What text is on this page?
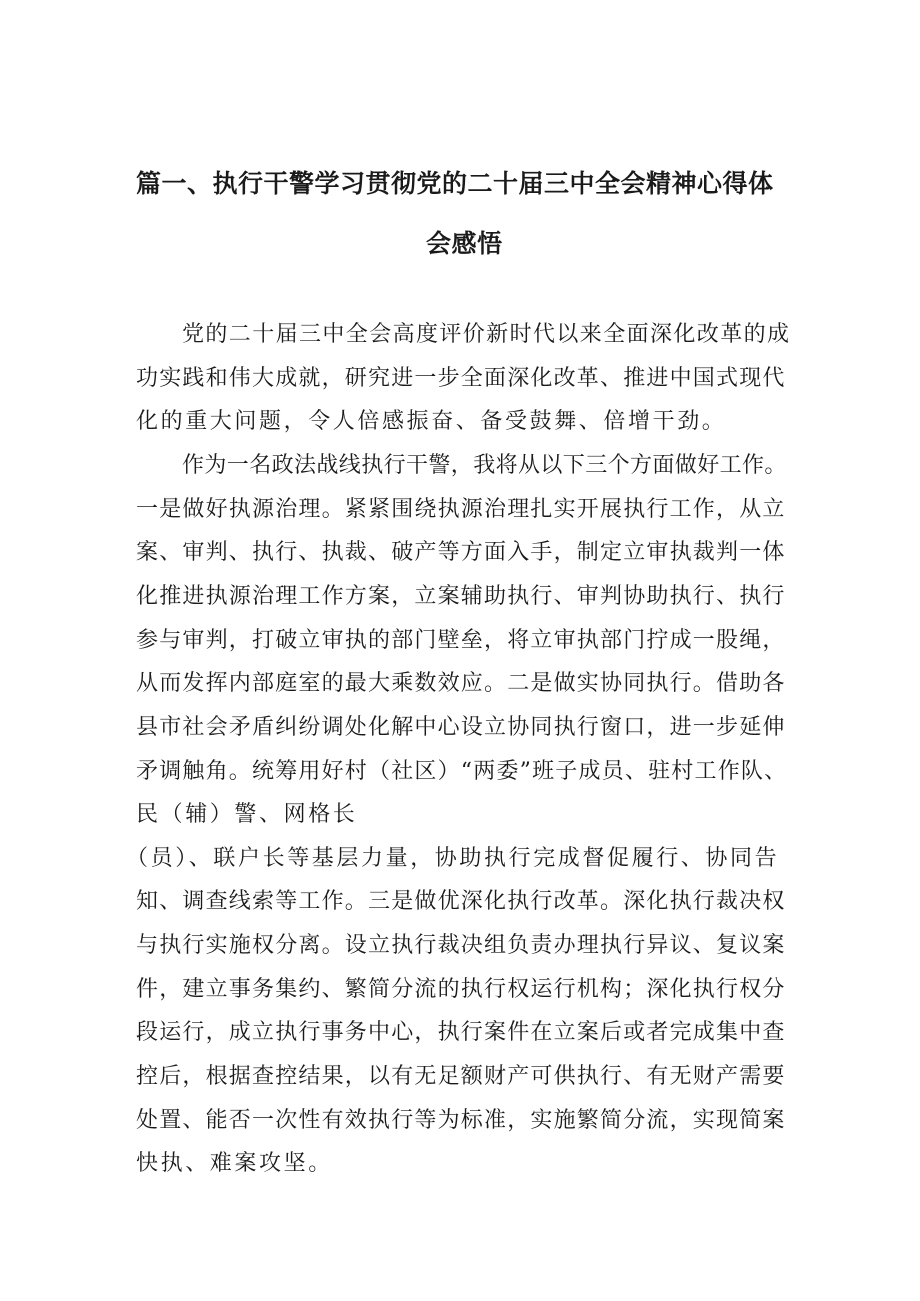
篇一、执行干警学习贯彻党的二十届三中全会精神心得体
会感悟
党的二十届三中全会高度评价新时代以来全面深化改革的成
功实践和伟大成就，研究进一步全面深化改革、推进中国式现代
化的重大问题，令人倍感振奋、备受鼓舞、倍增干劲。
作为一名政法战线执行干警，我将从以下三个方面做好工作。
一是做好执源治理。紧紧围绕执源治理扎实开展执行工作，从立
案、审判、执行、执裁、破产等方面入手，制定立审执裁判一体
化推进执源治理工作方案，立案辅助执行、审判协助执行、执行
参与审判，打破立审执的部门壁垒，将立审执部门拧成一股绳，
从而发挥内部庭室的最大乘数效应。二是做实协同执行。借助各
县市社会矛盾纠纷调处化解中心设立协同执行窗口，进一步延伸
矛调触角。统筹用好村（社区）“两委”班子成员、驻村工作队、
民（辅）警、网格长
（员）、联户长等基层力量，协助执行完成督促履行、协同告
知、调查线索等工作。三是做优深化执行改革。深化执行裁决权
与执行实施权分离。设立执行裁决组负责办理执行异议、复议案
件，建立事务集约、繁简分流的执行权运行机构；深化执行权分
段运行，成立执行事务中心，执行案件在立案后或者完成集中查
控后，根据查控结果，以有无足额财产可供执行、有无财产需要
处置、能否一次性有效执行等为标准，实施繁简分流，实现简案
快执、难案攻坚。
